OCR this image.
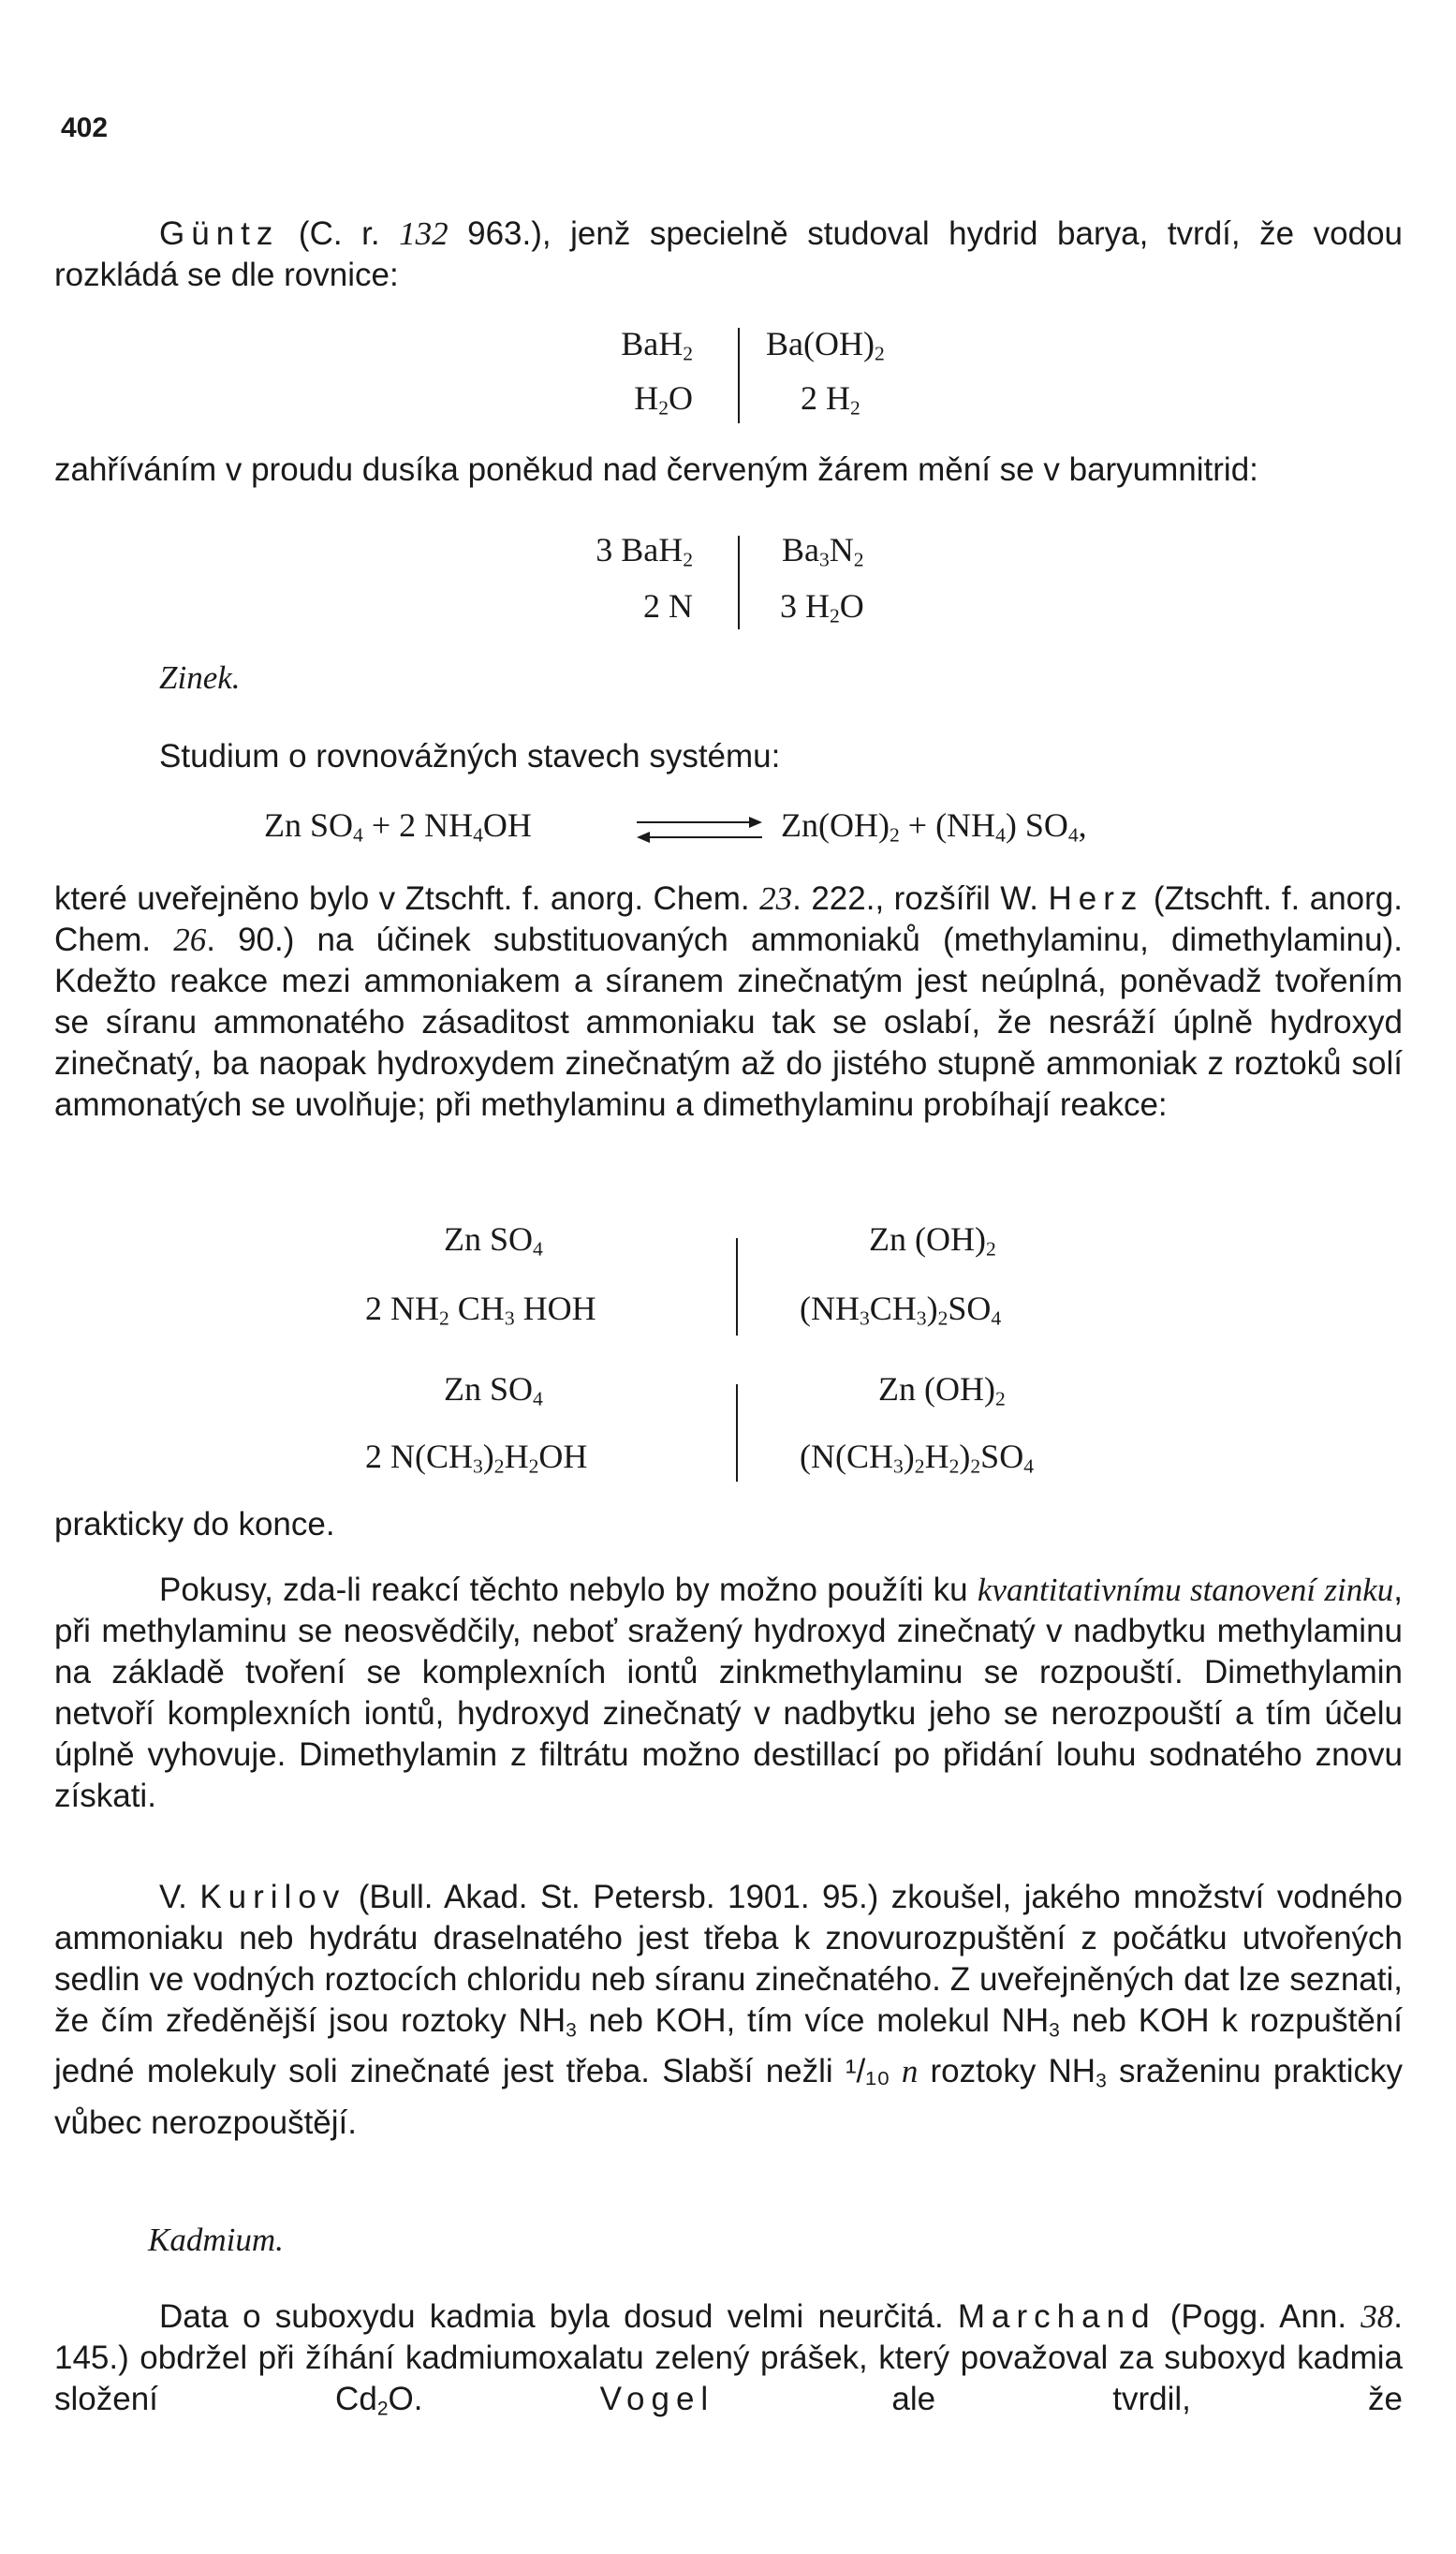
402

Güntz (C. r. 132 963.), jenž specielně studoval hydrid barya, tvrdí, že vodou rozkládá se dle rovnice:

BaH$_2$
$H_2O$
$Ba(OH)_2$
2 $H_2$

zahříváním v proudu dusíka poněkud nad červeným žárem mění se v baryumnitrid:

3 BaH$_2$
2 N
$Ba_3N_2$
3 $H_2O$
Zinek.

Studium o rovnovážných stavech systému:

Zn $SO_4 + 2$ $NH_4OH$	$Zn(OH)_2 + (NH_4)$ $SO_4$,

které uveřejněno bylo v Ztschft. f. anorg. Chem. 23. 222., rozšířil W. Herz (Ztschft. f. anorg. Chem. 26. 90.) na účinek substituovaných ammoniaků (methylaminu, dimethylaminu). Kdežto reakce mezi ammoniakem a síranem zinečnatým jest neúplná, poněvadž tvořením se síranu ammonatého zásaditost ammoniaku tak se oslabí, že nesráží úplně hydroxyd zinečnatý, ba naopak hydroxydem zinečnatým až do jistého stupně ammoniak z roztoků solí ammonatých se uvolňuje; při methylaminu a dimethylaminu probíhají reakce:

Zn $SO_4$
2 $NH_2$ $CH_3$ HOH
Zn $(OH)_2$
$(NH_3CH_3)_2SO_4$
Zn $SO_4$
2 $N(CH_3)_2H_2OH$
Zn $(OH)_2$
$(N(CH_3)_2H_2)_2SO_4$

prakticky do konce.

Pokusy, zda-li reakcí těchto nebylo by možno použíti ku kvantitativnímu stanovení zinku, při methylaminu se neosvědčily, neboť sražený hydroxyd zinečnatý v nadbytku methylaminu na základě tvoření se komplexních iontů zinkmethylaminu se rozpouští. Dimethylamin netvoří komplexních iontů, hydroxyd zinečnatý v nadbytku jeho se nerozpouští a tím účelu úplně vyhovuje. Dimethylamin z filtrátu možno destillací po přidání louhu sodnatého znovu získati.

V. Kurilov (Bull. Akad. St. Petersb. 1901. 95.) zkoušel, jakého množství vodného ammoniaku neb hydrátu draselnatého jest třeba k znovurozpuštění z počátku utvořených sedlin ve vodných roztocích chloridu neb síranu zinečnatého. Z uveřejněných dat lze seznati, že čím zředěnější jsou roztoky $NH_3$ neb KOH, tím více molekul $NH_3$ neb KOH k rozpuštění jedné molekuly soli zinečnaté jest třeba. Slabší nežli ¹/₁₀ n roztoky $NH_3$ sraženinu prakticky vůbec nerozpouštějí.

Kadmium.

Data o suboxydu kadmia byla dosud velmi neurčitá. Marchand (Pogg. Ann. 38. 145.) obdržel při žíhání kadmiumoxalatu zelený prášek, který považoval za suboxyd kadmia složení $Cd_2O$. Vogel ale tvrdil, že
